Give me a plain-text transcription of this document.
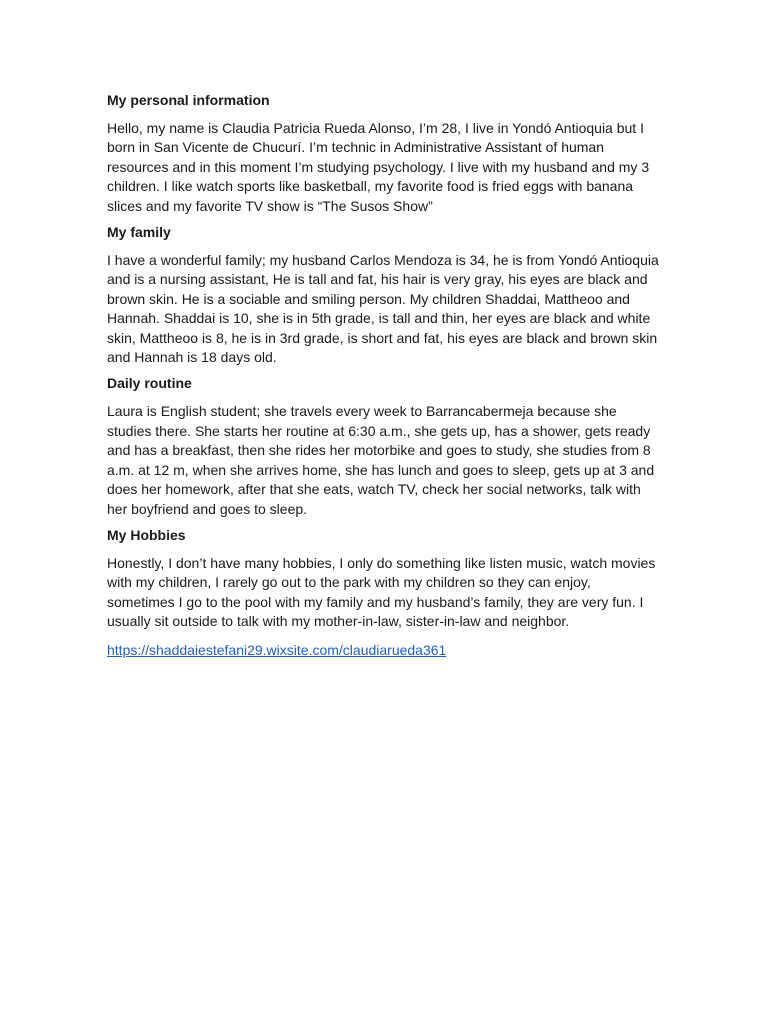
My personal information

Hello, my name is Claudia Patricia Rueda Alonso, I’m 28, I live in Yondó Antioquia but I born in San Vicente de Chucurí. I’m technic in Administrative Assistant of human resources and in this moment I’m studying psychology. I live with my husband and my 3 children. I like watch sports like basketball, my favorite food is fried eggs with banana slices and my favorite TV show is “The Susos Show”

My family

I have a wonderful family; my husband Carlos Mendoza is 34, he is from Yondó Antioquia and is a nursing assistant, He is tall and fat, his hair is very gray, his eyes are black and brown skin. He is a sociable and smiling person. My children Shaddai, Mattheoo and Hannah. Shaddai is 10, she is in 5th grade, is tall and thin, her eyes are black and white skin, Mattheoo is 8, he is in 3rd grade, is short and fat, his eyes are black and brown skin and Hannah is 18 days old.

Daily routine

Laura is English student; she travels every week to Barrancabermeja because she studies there. She starts her routine at 6:30 a.m., she gets up, has a shower, gets ready and has a breakfast, then she rides her motorbike and goes to study, she studies from 8 a.m. at 12 m, when she arrives home, she has lunch and goes to sleep, gets up at 3 and does her homework, after that she eats, watch TV, check her social networks, talk with her boyfriend and goes to sleep.

My Hobbies

Honestly, I don’t have many hobbies, I only do something like listen music, watch movies with my children, I rarely go out to the park with my children so they can enjoy, sometimes I go to the pool with my family and my husband’s family, they are very fun. I usually sit outside to talk with my mother-in-law, sister-in-law and neighbor.

https://shaddaiestefani29.wixsite.com/claudiarueda361
